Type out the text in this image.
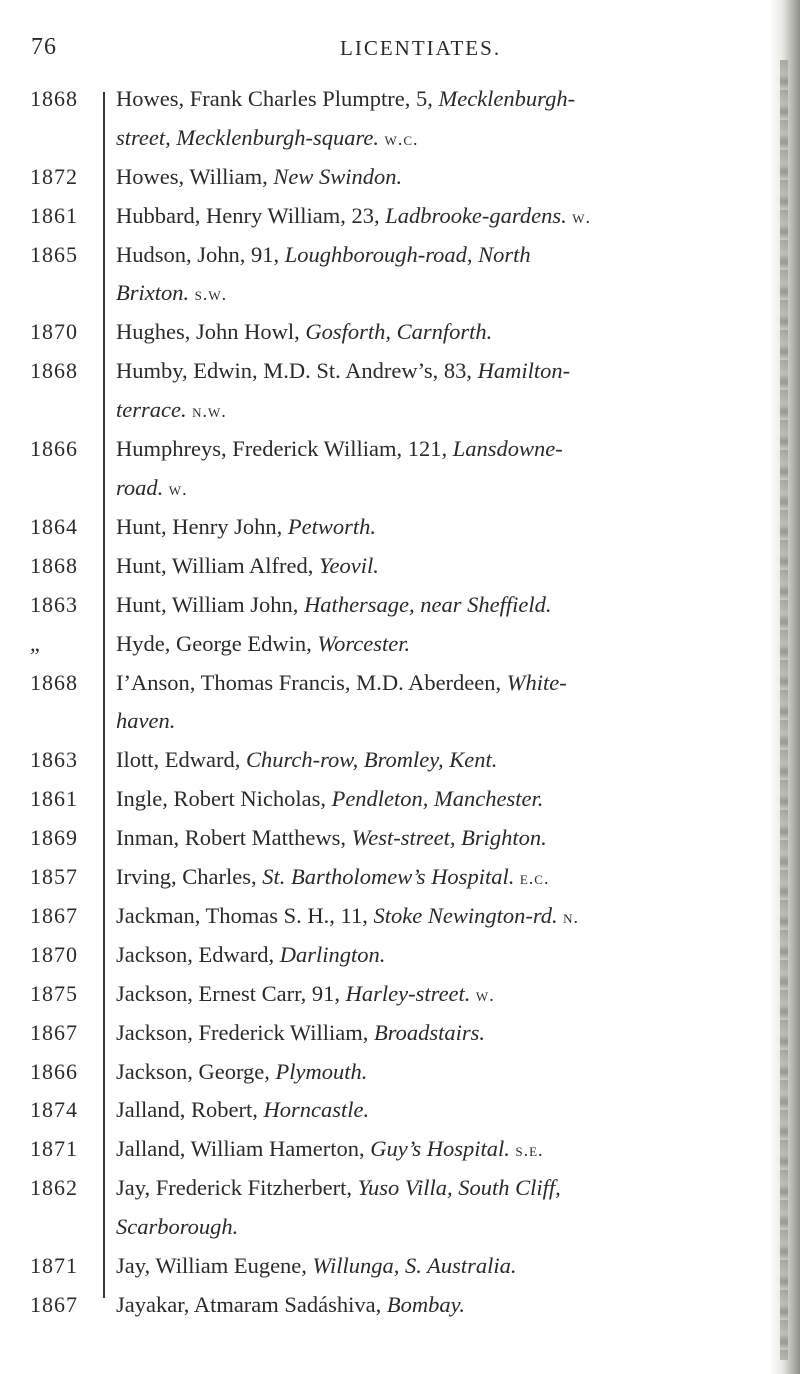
76	LICENTIATES.
1868	Howes, Frank Charles Plumptre, 5, Mecklenburgh-
street, Mecklenburgh-square. w.c.
1872	Howes, William, New Swindon.
1861	Hubbard, Henry William, 23, Ladbrooke-gardens. w.
1865	Hudson, John, 91, Loughborough-road, North
Brixton. s.w.
1870	Hughes, John Howl, Gosforth, Carnforth.
1868	Humby, Edwin, M.D. St. Andrew’s, 83, Hamilton-
terrace. n.w.
1866	Humphreys, Frederick William, 121, Lansdowne-
road. w.
1864	Hunt, Henry John, Petworth.
1868	Hunt, William Alfred, Yeovil.
1863	Hunt, William John, Hathersage, near Sheffield.
„	Hyde, George Edwin, Worcester.
1868	I’Anson, Thomas Francis, M.D. Aberdeen, White-
haven.
1863	Ilott, Edward, Church-row, Bromley, Kent.
1861	Ingle, Robert Nicholas, Pendleton, Manchester.
1869	Inman, Robert Matthews, West-street, Brighton.
1857	Irving, Charles, St. Bartholomew’s Hospital. e.c.
1867	Jackman, Thomas S. H., 11, Stoke Newington-rd. n.
1870	Jackson, Edward, Darlington.
1875	Jackson, Ernest Carr, 91, Harley-street. w.
1867	Jackson, Frederick William, Broadstairs.
1866	Jackson, George, Plymouth.
1874	Jalland, Robert, Horncastle.
1871	Jalland, William Hamerton, Guy’s Hospital. s.e.
1862	Jay, Frederick Fitzherbert, Yuso Villa, South Cliff,
Scarborough.
1871	Jay, William Eugene, Willunga, S. Australia.
1867	Jayakar, Atmaram Sadáshiva, Bombay.
